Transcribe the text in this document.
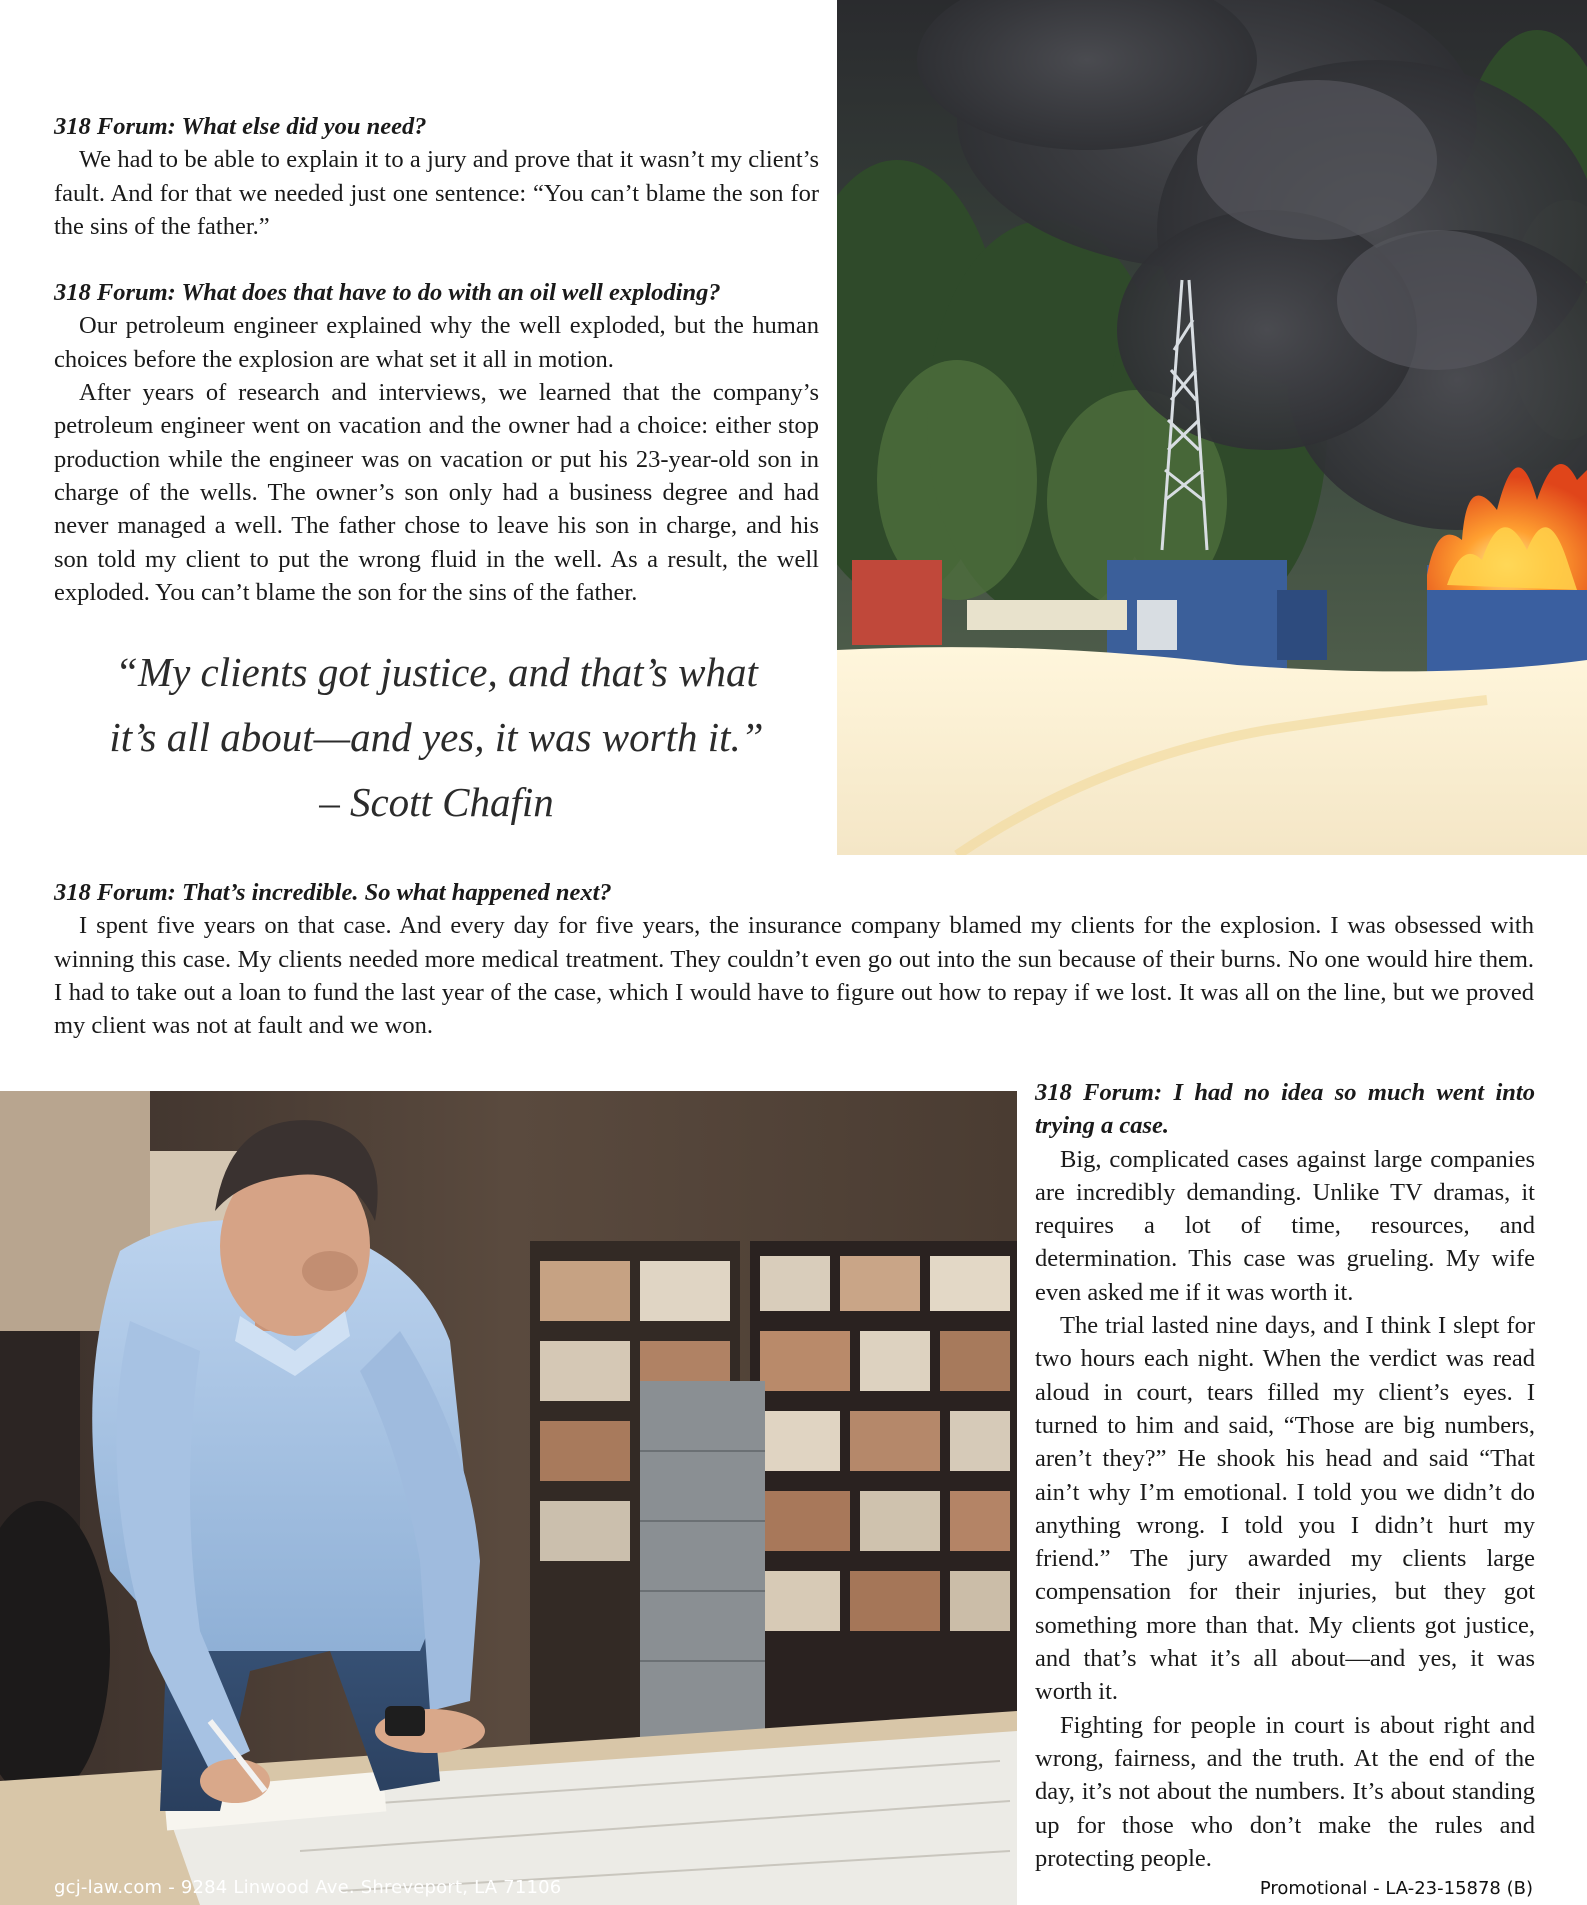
318 Forum: What else did you need?

We had to be able to explain it to a jury and prove that it wasn’t my client’s fault. And for that we needed just one sentence: “You can’t blame the son for the sins of the father.”

318 Forum: What does that have to do with an oil well exploding?

Our petroleum engineer explained why the well exploded, but the human choices before the explosion are what set it all in motion.

After years of research and interviews, we learned that the company’s petroleum engineer went on vacation and the owner had a choice: either stop production while the engineer was on vacation or put his 23-year-old son in charge of the wells. The owner’s son only had a business degree and had never managed a well. The father chose to leave his son in charge, and his son told my client to put the wrong fluid in the well. As a result, the well exploded. You can’t blame the son for the sins of the father.

“My clients got justice, and that’s what
it’s all about—and yes, it was worth it.”
– Scott Chafin
318 Forum: That’s incredible. So what happened next?

I spent five years on that case. And every day for five years, the insurance company blamed my clients for the explosion. I was obsessed with winning this case. My clients needed more medical treatment. They couldn’t even go out into the sun because of their burns. No one would hire them. I had to take out a loan to fund the last year of the case, which I would have to figure out how to repay if we lost. It was all on the line, but we proved my client was not at fault and we won.

318 Forum: I had no idea so much went into trying a case.

Big, complicated cases against large companies are incredibly demanding. Unlike TV dramas, it requires a lot of time, resources, and determination. This case was grueling. My wife even asked me if it was worth it.

The trial lasted nine days, and I think I slept for two hours each night. When the verdict was read aloud in court, tears filled my client’s eyes. I turned to him and said, “Those are big numbers, aren’t they?” He shook his head and said “That ain’t why I’m emotional. I told you we didn’t do anything wrong. I told you I didn’t hurt my friend.” The jury awarded my clients large compensation for their injuries, but they got something more than that. My clients got justice, and that’s what it’s all about—and yes, it was worth it.

Fighting for people in court is about right and wrong, fairness, and the truth. At the end of the day, it’s not about the numbers. It’s about standing up for those who don’t make the rules and protecting people.

gcj-law.com - 9284 Linwood Ave. Shreveport, LA 71106	Promotional - LA-23-15878 (B)
